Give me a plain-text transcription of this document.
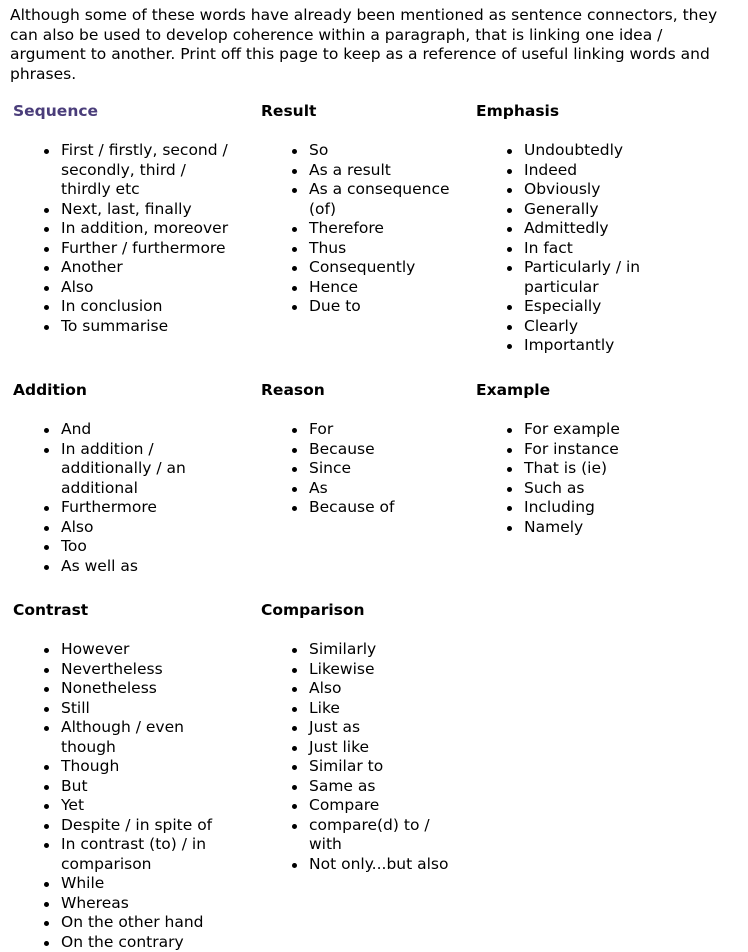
Although some of these words have already been mentioned as sentence connectors, they can also be used to develop coherence within a paragraph, that is linking one idea / argument to another. Print off this page to keep as a reference of useful linking words and phrases.

Sequence
First / firstly, second / secondly, third / thirdly etc
Next, last, finally
In addition, moreover
Further / furthermore
Another
Also
In conclusion
To summarise
Result
So
As a result
As a consequence (of)
Therefore
Thus
Consequently
Hence
Due to
Emphasis
Undoubtedly
Indeed
Obviously
Generally
Admittedly
In fact
Particularly / in particular
Especially
Clearly
Importantly
Addition
And
In addition / additionally / an additional
Furthermore
Also
Too
As well as
Reason
For
Because
Since
As
Because of
Example
For example
For instance
That is (ie)
Such as
Including
Namely
Contrast
However
Nevertheless
Nonetheless
Still
Although / even though
Though
But
Yet
Despite / in spite of
In contrast (to) / in comparison
While
Whereas
On the other hand
On the contrary
Comparison
Similarly
Likewise
Also
Like
Just as
Just like
Similar to
Same as
Compare
compare(d) to / with
Not only...but also
